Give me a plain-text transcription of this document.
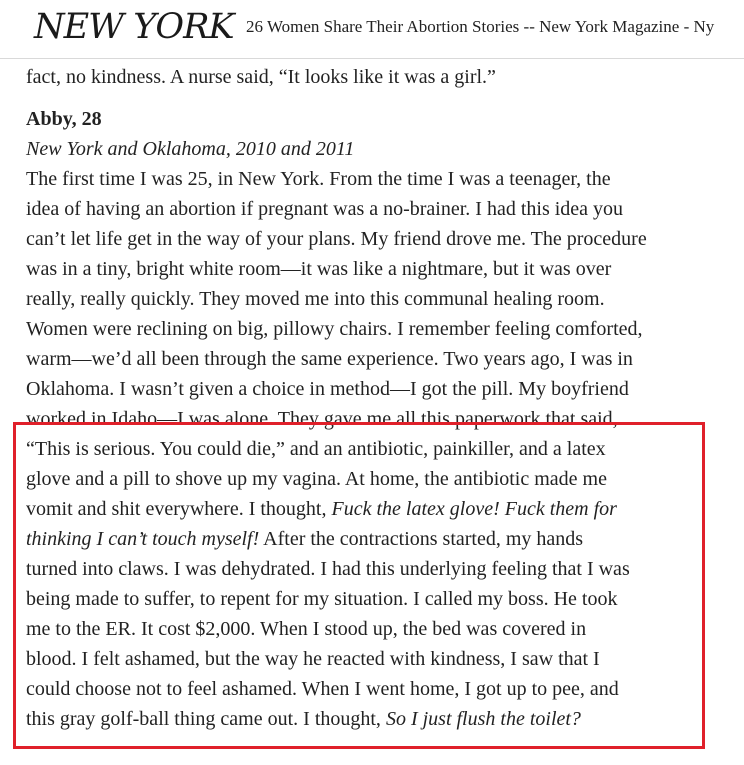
NEW YORK 26 Women Share Their Abortion Stories -- New York Magazine - Ny

fact, no kindness. A nurse said, “It looks like it was a girl.”

Abby, 28

New York and Oklahoma, 2010 and 2011

The first time I was 25, in New York. From the time I was a teenager, the
idea of having an abortion if pregnant was a no-brainer. I had this idea you
can’t let life get in the way of your plans. My friend drove me. The procedure
was in a tiny, bright white room—it was like a nightmare, but it was over
really, really quickly. They moved me into this communal healing room.
Women were reclining on big, pillowy chairs. I remember feeling comforted,
warm—we’d all been through the same experience. Two years ago, I was in
Oklahoma. I wasn’t given a choice in method—I got the pill. My boyfriend
worked in Idaho—I was alone. They gave me all this paperwork that said,
“This is serious. You could die,” and an antibiotic, painkiller, and a latex
glove and a pill to shove up my vagina. At home, the antibiotic made me
vomit and shit everywhere. I thought, Fuck the latex glove! Fuck them for
thinking I can’t touch myself! After the contractions started, my hands
turned into claws. I was dehydrated. I had this underlying feeling that I was
being made to suffer, to repent for my situation. I called my boss. He took
me to the ER. It cost $2,000. When I stood up, the bed was covered in
blood. I felt ashamed, but the way he reacted with kindness, I saw that I
could choose not to feel ashamed. When I went home, I got up to pee, and
this gray golf-ball thing came out. I thought, So I just flush the toilet?
